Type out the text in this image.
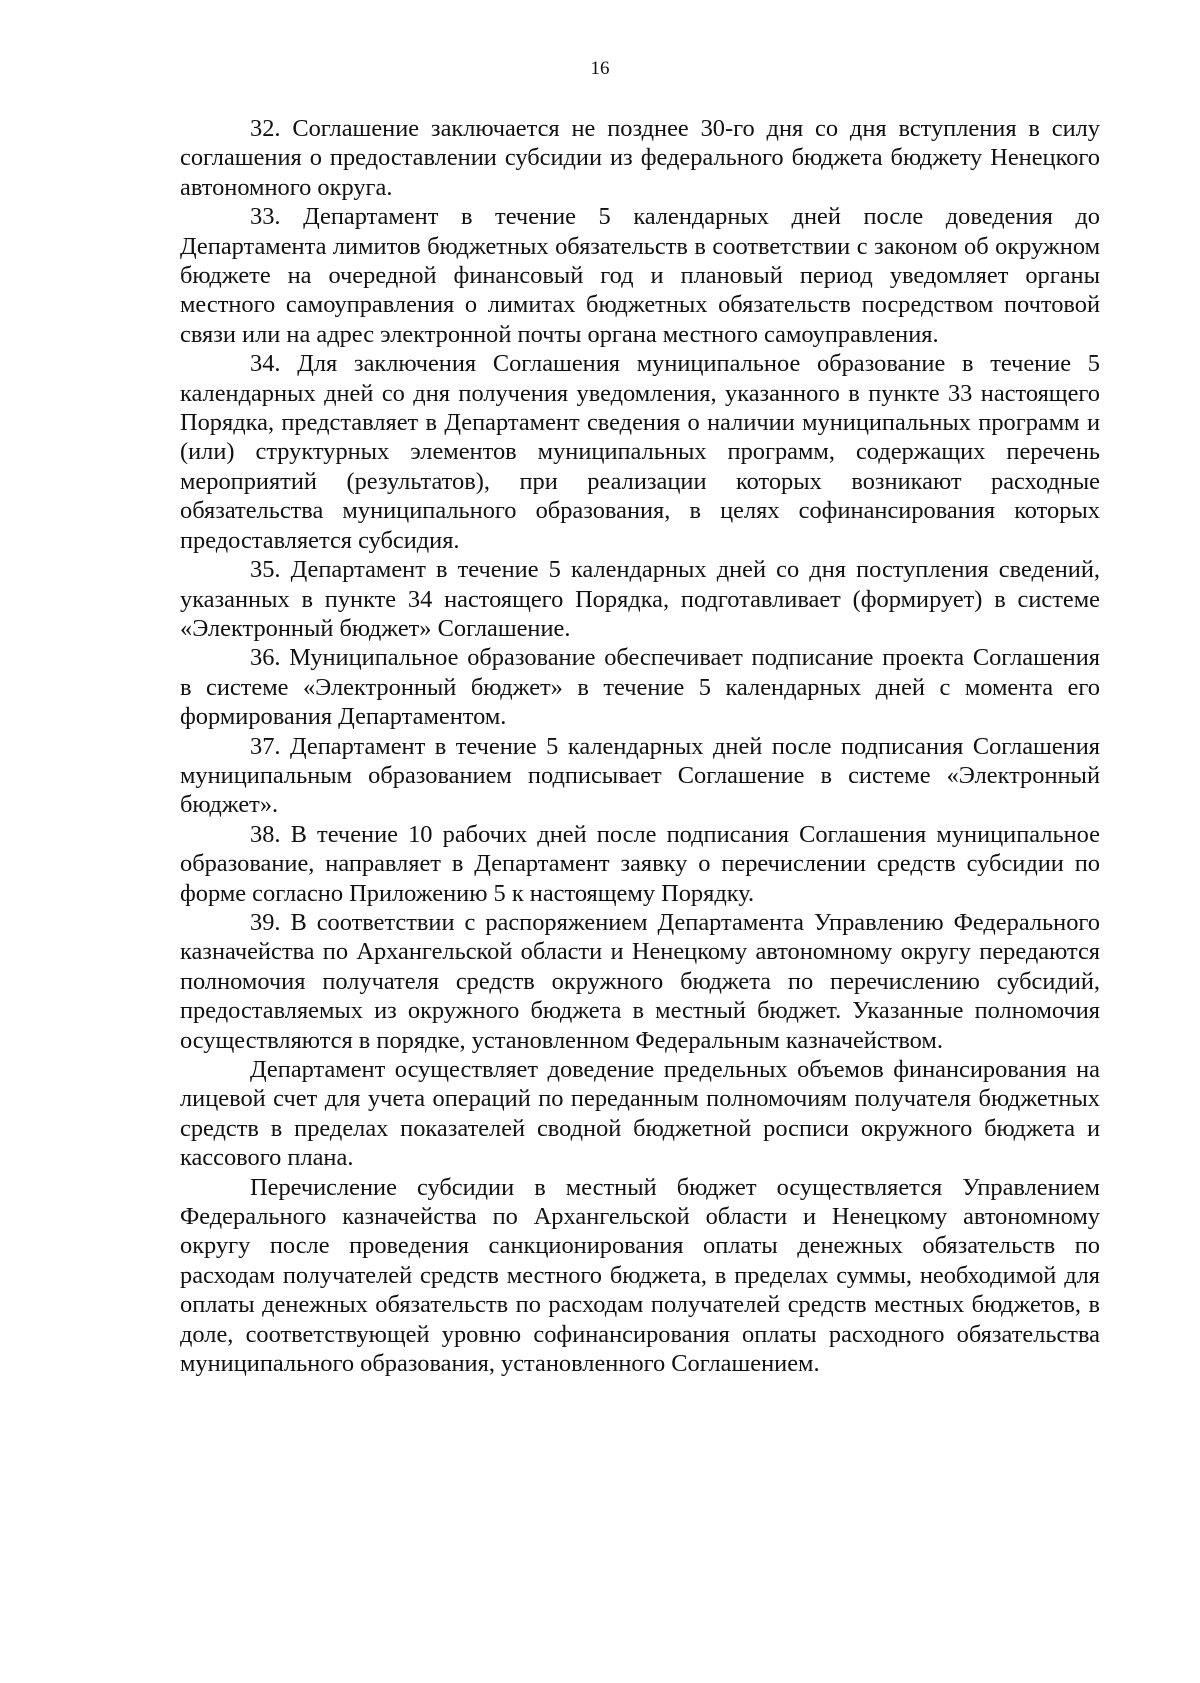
16

32. Соглашение заключается не позднее 30-го дня со дня вступления в силу соглашения о предоставлении субсидии из федерального бюджета бюджету Ненецкого автономного округа.

33. Департамент в течение 5 календарных дней после доведения до Департамента лимитов бюджетных обязательств в соответствии с законом об окружном бюджете на очередной финансовый год и плановый период уведомляет органы местного самоуправления о лимитах бюджетных обязательств посредством почтовой связи или на адрес электронной почты органа местного самоуправления.

34. Для заключения Соглашения муниципальное образование в течение 5 календарных дней со дня получения уведомления, указанного в пункте 33 настоящего Порядка, представляет в Департамент сведения о наличии муниципальных программ и (или) структурных элементов муниципальных программ, содержащих перечень мероприятий (результатов), при реализации которых возникают расходные обязательства муниципального образования, в целях софинансирования которых предоставляется субсидия.

35. Департамент в течение 5 календарных дней со дня поступления сведений, указанных в пункте 34 настоящего Порядка, подготавливает (формирует) в системе «Электронный бюджет» Соглашение.

36. Муниципальное образование обеспечивает подписание проекта Соглашения в системе «Электронный бюджет» в течение 5 календарных дней с момента его формирования Департаментом.

37. Департамент в течение 5 календарных дней после подписания Соглашения муниципальным образованием подписывает Соглашение в системе «Электронный бюджет».

38. В течение 10 рабочих дней после подписания Соглашения муниципальное образование, направляет в Департамент заявку о перечислении средств субсидии по форме согласно Приложению 5 к настоящему Порядку.

39. В соответствии с распоряжением Департамента Управлению Федерального казначейства по Архангельской области и Ненецкому автономному округу передаются полномочия получателя средств окружного бюджета по перечислению субсидий, предоставляемых из окружного бюджета в местный бюджет. Указанные полномочия осуществляются в порядке, установленном Федеральным казначейством.

Департамент осуществляет доведение предельных объемов финансирования на лицевой счет для учета операций по переданным полномочиям получателя бюджетных средств в пределах показателей сводной бюджетной росписи окружного бюджета и кассового плана.

Перечисление субсидии в местный бюджет осуществляется Управлением Федерального казначейства по Архангельской области и Ненецкому автономному округу после проведения санкционирования оплаты денежных обязательств по расходам получателей средств местного бюджета, в пределах суммы, необходимой для оплаты денежных обязательств по расходам получателей средств местных бюджетов, в доле, соответствующей уровню софинансирования оплаты расходного обязательства муниципального образования, установленного Соглашением.
